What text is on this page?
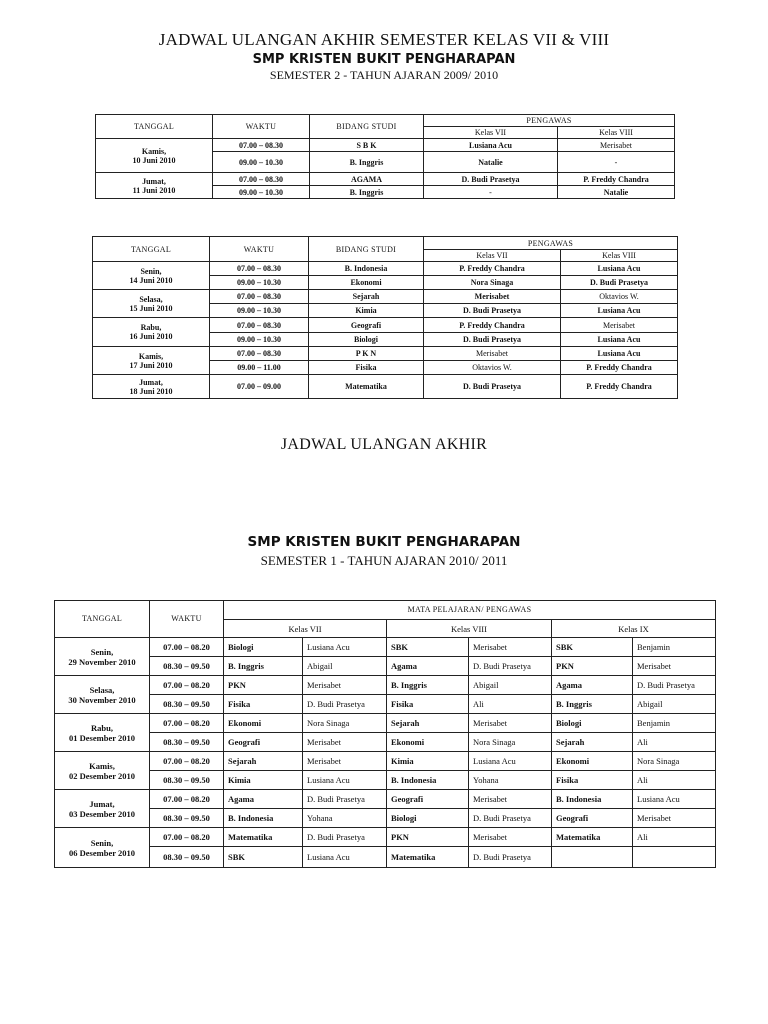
JADWAL ULANGAN AKHIR SEMESTER KELAS VII & VIII
SMP KRISTEN BUKIT PENGHARAPAN
SEMESTER 2 - TAHUN AJARAN 2009/ 2010
TANGGAL	WAKTU	BIDANG STUDI	PENGAWAS	
			Kelas VII	Kelas VIII
Kamis,
10 Juni 2010	07.00 – 08.30	S B K	Lusiana Acu	Merisabet
	09.00 – 10.30	B. Inggris	Natalie	-
Jumat,
11 Juni 2010	07.00 – 08.30	AGAMA	D. Budi Prasetya	P. Freddy Chandra
	09.00 – 10.30	B. Inggris	-	Natalie
TANGGAL	WAKTU	BIDANG STUDI	PENGAWAS	
			Kelas VII	Kelas VIII
Senin,
14 Juni 2010	07.00 – 08.30	B. Indonesia	P. Freddy Chandra	Lusiana Acu
	09.00 – 10.30	Ekonomi	Nora Sinaga	D. Budi Prasetya
Selasa,
15 Juni 2010	07.00 – 08.30	Sejarah	Merisabet	Oktavios W.
	09.00 – 10.30	Kimia	D. Budi Prasetya	Lusiana Acu
Rabu,
16 Juni 2010	07.00 – 08.30	Geografi	P. Freddy Chandra	Merisabet
	09.00 – 10.30	Biologi	D. Budi Prasetya	Lusiana Acu
Kamis,
17 Juni 2010	07.00 – 08.30	P K N	Merisabet	Lusiana Acu
	09.00 – 11.00	Fisika	Oktavios W.	P. Freddy Chandra
Jumat,
18 Juni 2010	07.00 – 09.00	Matematika	D. Budi Prasetya	P. Freddy Chandra
JADWAL ULANGAN AKHIR
SMP KRISTEN BUKIT PENGHARAPAN
SEMESTER 1 - TAHUN AJARAN 2010/ 2011
TANGGAL	WAKTU	MATA PELAJARAN/ PENGAWAS					
		Kelas VII		Kelas VIII		Kelas IX	
Senin,
29 November 2010	07.00 – 08.20	Biologi	Lusiana Acu	SBK	Merisabet	SBK	Benjamin
	08.30 – 09.50	B. Inggris	Abigail	Agama	D. Budi Prasetya	PKN	Merisabet
Selasa,
30 November 2010	07.00 – 08.20	PKN	Merisabet	B. Inggris	Abigail	Agama	D. Budi Prasetya
	08.30 – 09.50	Fisika	D. Budi Prasetya	Fisika	Ali	B. Inggris	Abigail
Rabu,
01 Desember 2010	07.00 – 08.20	Ekonomi	Nora Sinaga	Sejarah	Merisabet	Biologi	Benjamin
	08.30 – 09.50	Geografi	Merisabet	Ekonomi	Nora Sinaga	Sejarah	Ali
Kamis,
02 Desember 2010	07.00 – 08.20	Sejarah	Merisabet	Kimia	Lusiana Acu	Ekonomi	Nora Sinaga
	08.30 – 09.50	Kimia	Lusiana Acu	B. Indonesia	Yohana	Fisika	Ali
Jumat,
03 Desember 2010	07.00 – 08.20	Agama	D. Budi Prasetya	Geografi	Merisabet	B. Indonesia	Lusiana Acu
	08.30 – 09.50	B. Indonesia	Yohana	Biologi	D. Budi Prasetya	Geografi	Merisabet
Senin,
06 Desember 2010	07.00 – 08.20	Matematika	D. Budi Prasetya	PKN	Merisabet	Matematika	Ali
	08.30 – 09.50	SBK	Lusiana Acu	Matematika	D. Budi Prasetya		
